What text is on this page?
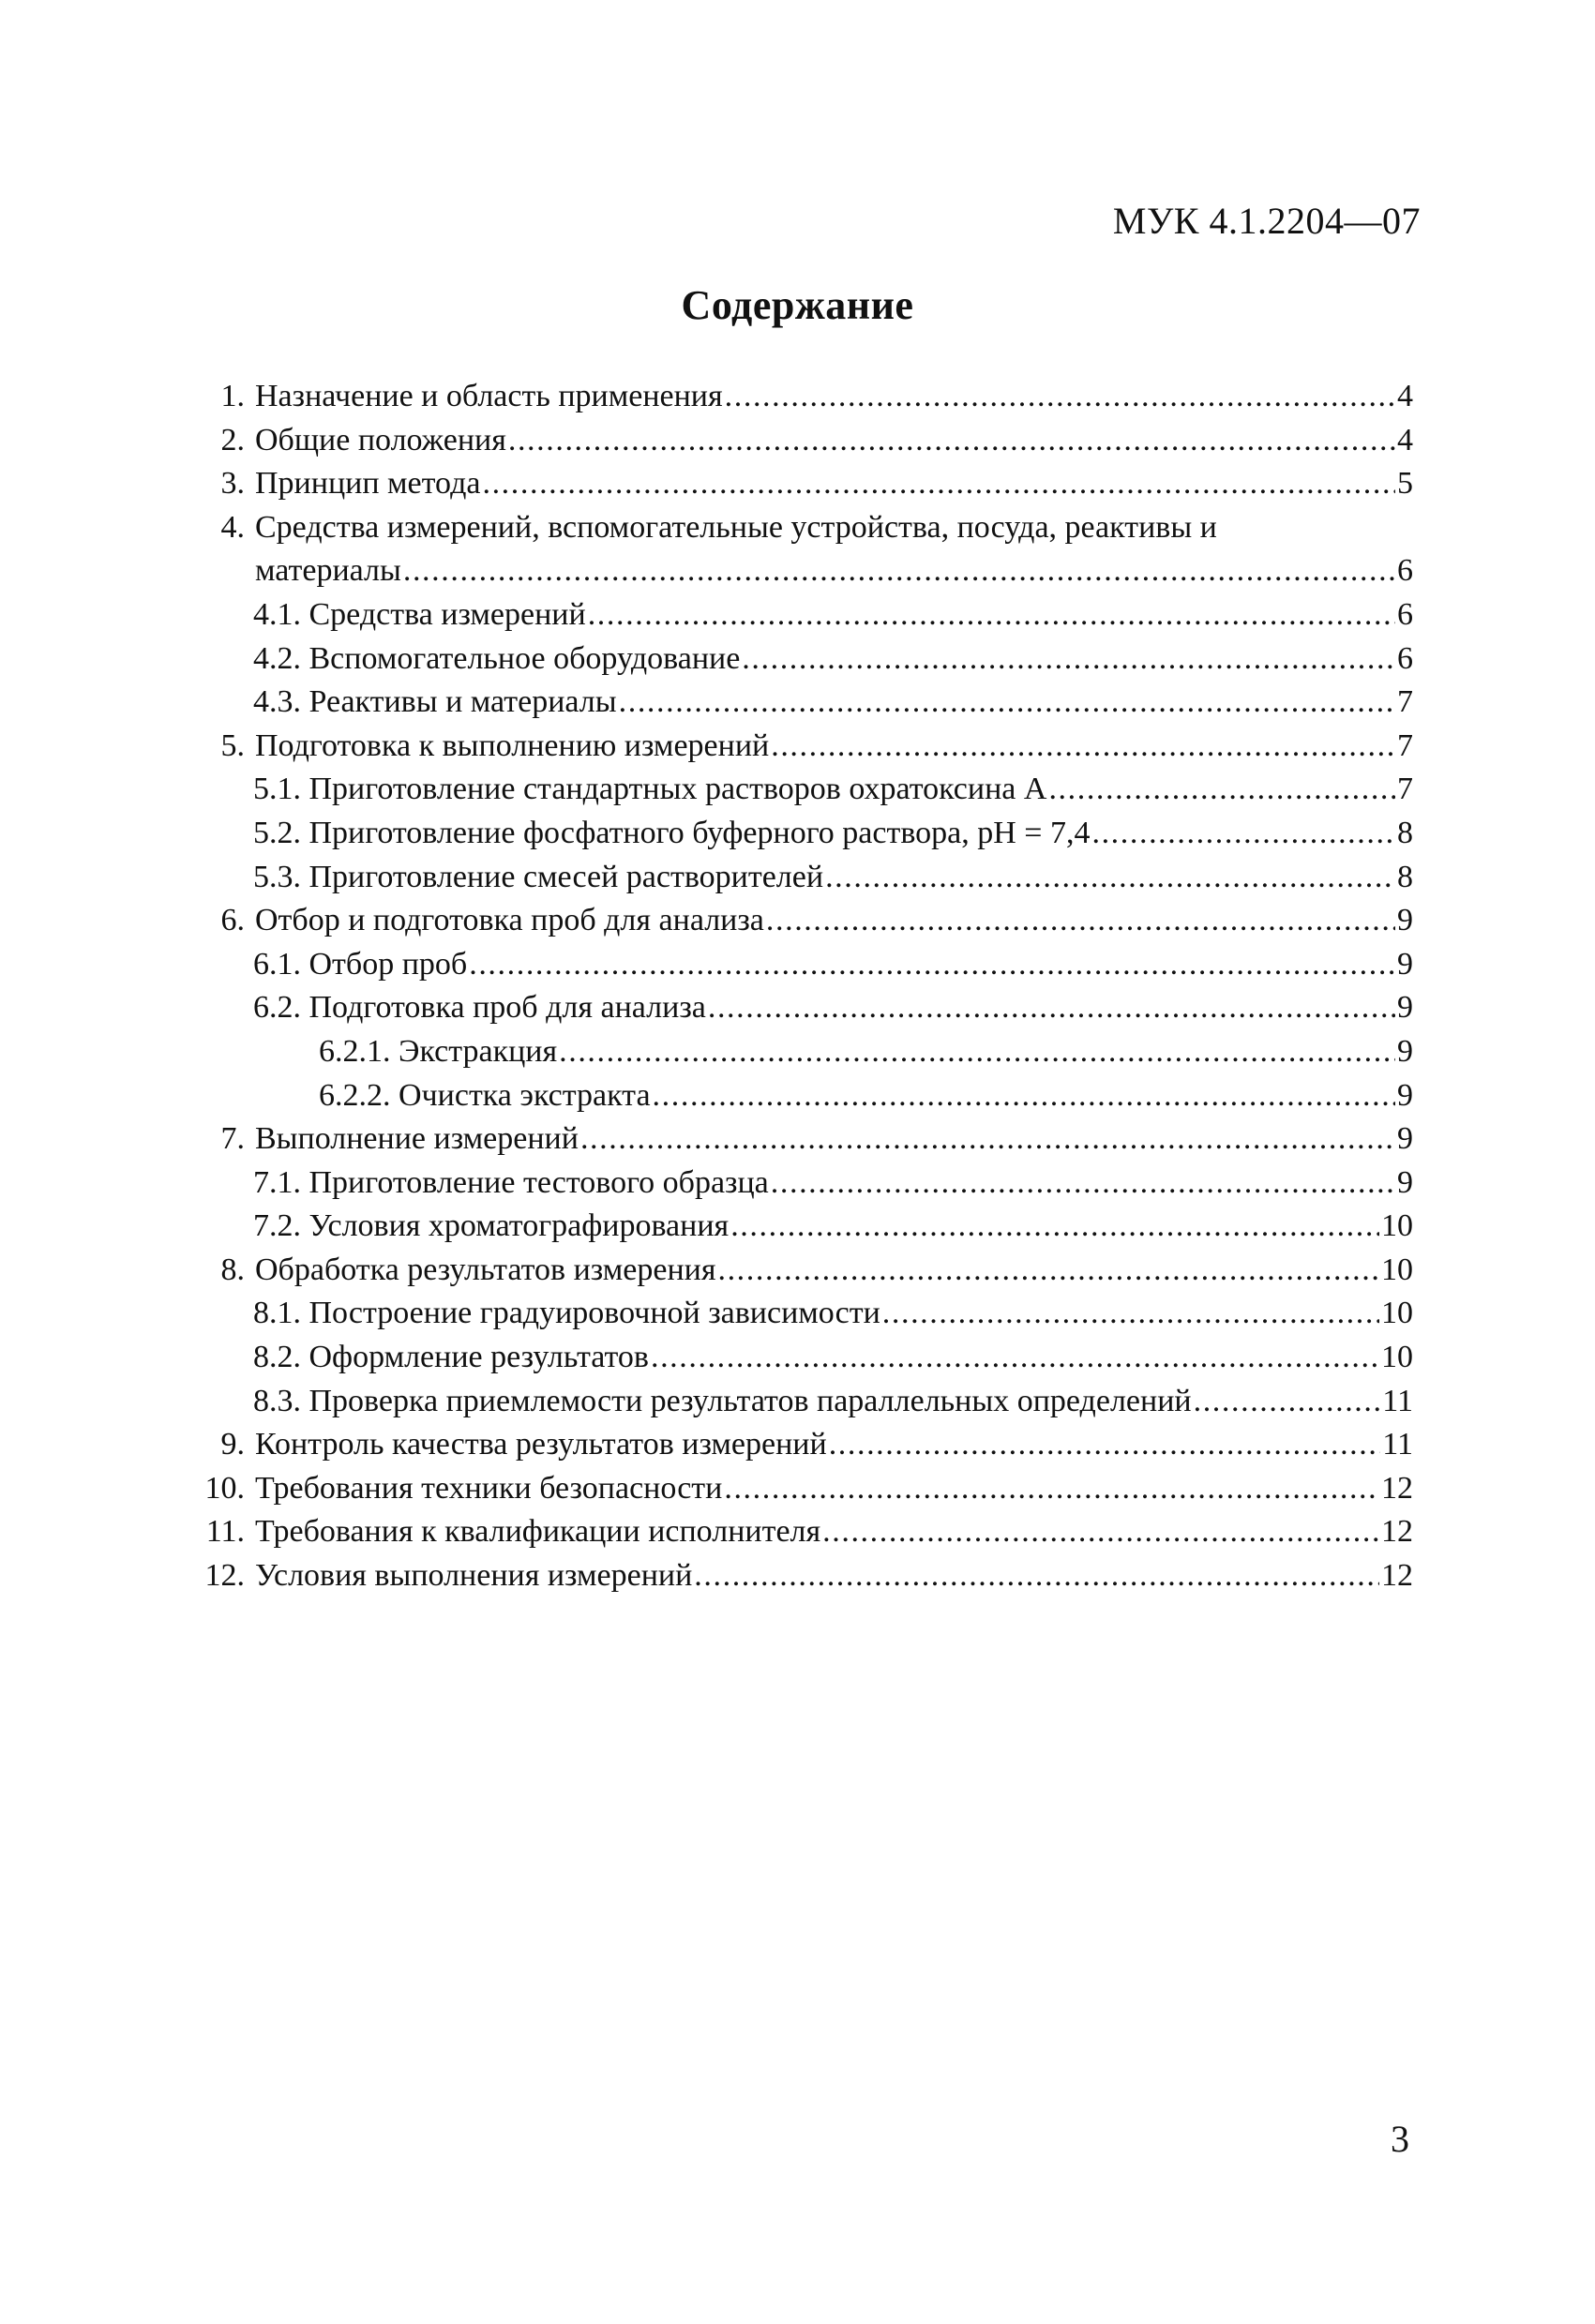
МУК 4.1.2204—07
Содержание
1. Назначение и область применения .....	4
2. Общие положения .....	4
3. Принцип метода .....	5
4. Средства измерений, вспомогательные устройства, посуда, реактивы и
материалы .....	6
4.1. Средства измерений .....	6
4.2. Вспомогательное оборудование .....	6
4.3. Реактивы и материалы .....	7
5. Подготовка к выполнению измерений .....	7
5.1. Приготовление стандартных растворов охратоксина А .....	7
5.2. Приготовление фосфатного буферного раствора, pH = 7,4 .....	8
5.3. Приготовление смесей растворителей .....	8
6. Отбор и подготовка проб для анализа .....	9
6.1. Отбор проб .....	9
6.2. Подготовка проб для анализа .....	9
6.2.1. Экстракция .....	9
6.2.2. Очистка экстракта .....	9
7. Выполнение измерений .....	9
7.1. Приготовление тестового образца .....	9
7.2. Условия хроматографирования .....	10
8. Обработка результатов измерения .....	10
8.1. Построение градуировочной зависимости .....	10
8.2. Оформление результатов .....	10
8.3. Проверка приемлемости результатов параллельных определений .....	11
9. Контроль качества результатов измерений .....	11
10. Требования техники безопасности .....	12
11. Требования к квалификации исполнителя .....	12
12. Условия выполнения измерений .....	12
3
